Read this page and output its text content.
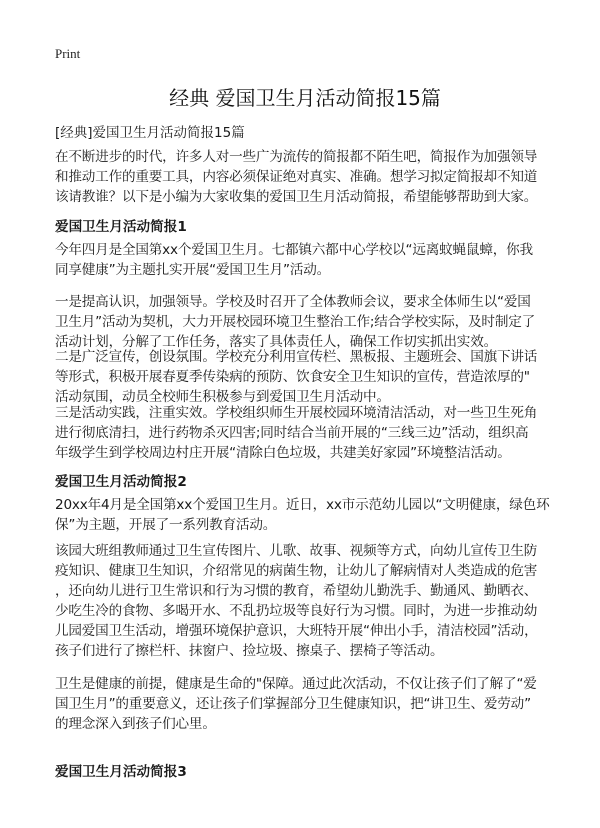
Print
经典 爱国卫生月活动简报15篇
[经典]爱国卫生月活动简报15篇
在不断进步的时代，许多人对一些广为流传的简报都不陌生吧，简报作为加强领导
和推动工作的重要工具，内容必须保证绝对真实、准确。想学习拟定简报却不知道
该请教谁？以下是小编为大家收集的爱国卫生月活动简报，希望能够帮助到大家。
爱国卫生月活动简报1
今年四月是全国第xx个爱国卫生月。七都镇六都中心学校以“远离蚊蝇鼠蟑，你我
同享健康”为主题扎实开展“爱国卫生月”活动。
一是提高认识，加强领导。学校及时召开了全体教师会议，要求全体师生以“爱国
卫生月”活动为契机，大力开展校园环境卫生整治工作;结合学校实际，及时制定了
活动计划，分解了工作任务，落实了具体责任人，确保工作切实抓出实效。
二是广泛宣传，创设氛围。学校充分利用宣传栏、黑板报、主题班会、国旗下讲话
等形式，积极开展春夏季传染病的预防、饮食安全卫生知识的宣传，营造浓厚的"
活动氛围，动员全校师生积极参与到爱国卫生月活动中。
三是活动实践，注重实效。学校组织师生开展校园环境清洁活动，对一些卫生死角
进行彻底清扫，进行药物杀灭四害;同时结合当前开展的“三线三边”活动，组织高
年级学生到学校周边村庄开展“清除白色垃圾，共建美好家园”环境整洁活动。
爱国卫生月活动简报2
20xx年4月是全国第xx个爱国卫生月。近日，xx市示范幼儿园以“文明健康，绿色环
保”为主题，开展了一系列教育活动。
该园大班组教师通过卫生宣传图片、儿歌、故事、视频等方式，向幼儿宣传卫生防
疫知识、健康卫生知识，介绍常见的病菌生物，让幼儿了解病情对人类造成的危害
，还向幼儿进行卫生常识和行为习惯的教育，希望幼儿勤洗手、勤通风、勤晒衣、
少吃生冷的食物、多喝开水、不乱扔垃圾等良好行为习惯。同时，为进一步推动幼
儿园爱国卫生活动，增强环境保护意识，大班特开展“伸出小手，清洁校园”活动，
孩子们进行了擦栏杆、抹窗户、捡垃圾、擦桌子、摆椅子等活动。
卫生是健康的前提，健康是生命的"保障。通过此次活动，不仅让孩子们了解了“爱
国卫生月”的重要意义，还让孩子们掌握部分卫生健康知识，把“讲卫生、爱劳动”
的理念深入到孩子们心里。
爱国卫生月活动简报3
